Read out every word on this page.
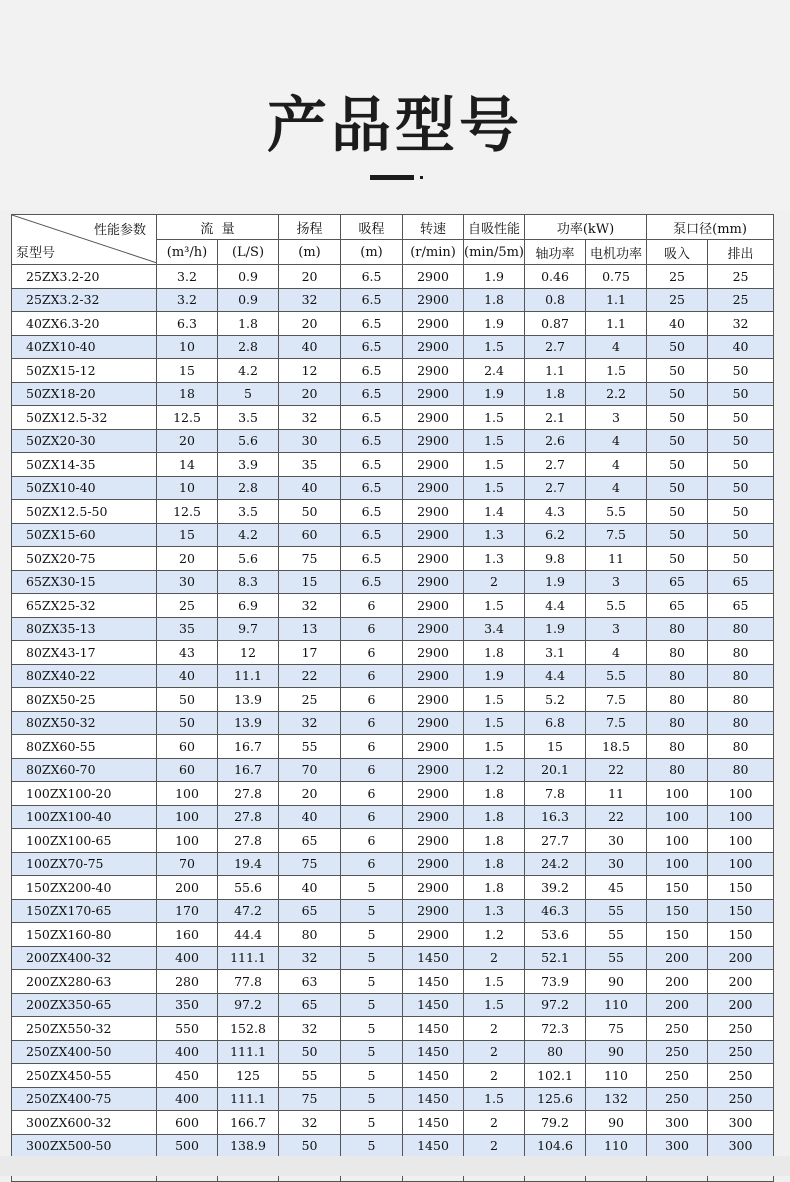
产品型号
性能参数
泵型号	流  量		扬程	吸程	转速	自吸性能	功率(kW)		泵口径(mm)	
	(m³/h)	(L/S)	(m)	(m)	(r/min)	(min/5m)	轴功率	电机功率	吸入	排出
25ZX3.2-20	3.2	0.9	20	6.5	2900	1.9	0.46	0.75	25	25
25ZX3.2-32	3.2	0.9	32	6.5	2900	1.8	0.8	1.1	25	25
40ZX6.3-20	6.3	1.8	20	6.5	2900	1.9	0.87	1.1	40	32
40ZX10-40	10	2.8	40	6.5	2900	1.5	2.7	4	50	40
50ZX15-12	15	4.2	12	6.5	2900	2.4	1.1	1.5	50	50
50ZX18-20	18	5	20	6.5	2900	1.9	1.8	2.2	50	50
50ZX12.5-32	12.5	3.5	32	6.5	2900	1.5	2.1	3	50	50
50ZX20-30	20	5.6	30	6.5	2900	1.5	2.6	4	50	50
50ZX14-35	14	3.9	35	6.5	2900	1.5	2.7	4	50	50
50ZX10-40	10	2.8	40	6.5	2900	1.5	2.7	4	50	50
50ZX12.5-50	12.5	3.5	50	6.5	2900	1.4	4.3	5.5	50	50
50ZX15-60	15	4.2	60	6.5	2900	1.3	6.2	7.5	50	50
50ZX20-75	20	5.6	75	6.5	2900	1.3	9.8	11	50	50
65ZX30-15	30	8.3	15	6.5	2900	2	1.9	3	65	65
65ZX25-32	25	6.9	32	6	2900	1.5	4.4	5.5	65	65
80ZX35-13	35	9.7	13	6	2900	3.4	1.9	3	80	80
80ZX43-17	43	12	17	6	2900	1.8	3.1	4	80	80
80ZX40-22	40	11.1	22	6	2900	1.9	4.4	5.5	80	80
80ZX50-25	50	13.9	25	6	2900	1.5	5.2	7.5	80	80
80ZX50-32	50	13.9	32	6	2900	1.5	6.8	7.5	80	80
80ZX60-55	60	16.7	55	6	2900	1.5	15	18.5	80	80
80ZX60-70	60	16.7	70	6	2900	1.2	20.1	22	80	80
100ZX100-20	100	27.8	20	6	2900	1.8	7.8	11	100	100
100ZX100-40	100	27.8	40	6	2900	1.8	16.3	22	100	100
100ZX100-65	100	27.8	65	6	2900	1.8	27.7	30	100	100
100ZX70-75	70	19.4	75	6	2900	1.8	24.2	30	100	100
150ZX200-40	200	55.6	40	5	2900	1.8	39.2	45	150	150
150ZX170-65	170	47.2	65	5	2900	1.3	46.3	55	150	150
150ZX160-80	160	44.4	80	5	2900	1.2	53.6	55	150	150
200ZX400-32	400	111.1	32	5	1450	2	52.1	55	200	200
200ZX280-63	280	77.8	63	5	1450	1.5	73.9	90	200	200
200ZX350-65	350	97.2	65	5	1450	1.5	97.2	110	200	200
250ZX550-32	550	152.8	32	5	1450	2	72.3	75	250	250
250ZX400-50	400	111.1	50	5	1450	2	80	90	250	250
250ZX450-55	450	125	55	5	1450	2	102.1	110	250	250
250ZX400-75	400	111.1	75	5	1450	1.5	125.6	132	250	250
300ZX600-32	600	166.7	32	5	1450	2	79.2	90	300	300
300ZX500-50	500	138.9	50	5	1450	2	104.6	110	300	300
